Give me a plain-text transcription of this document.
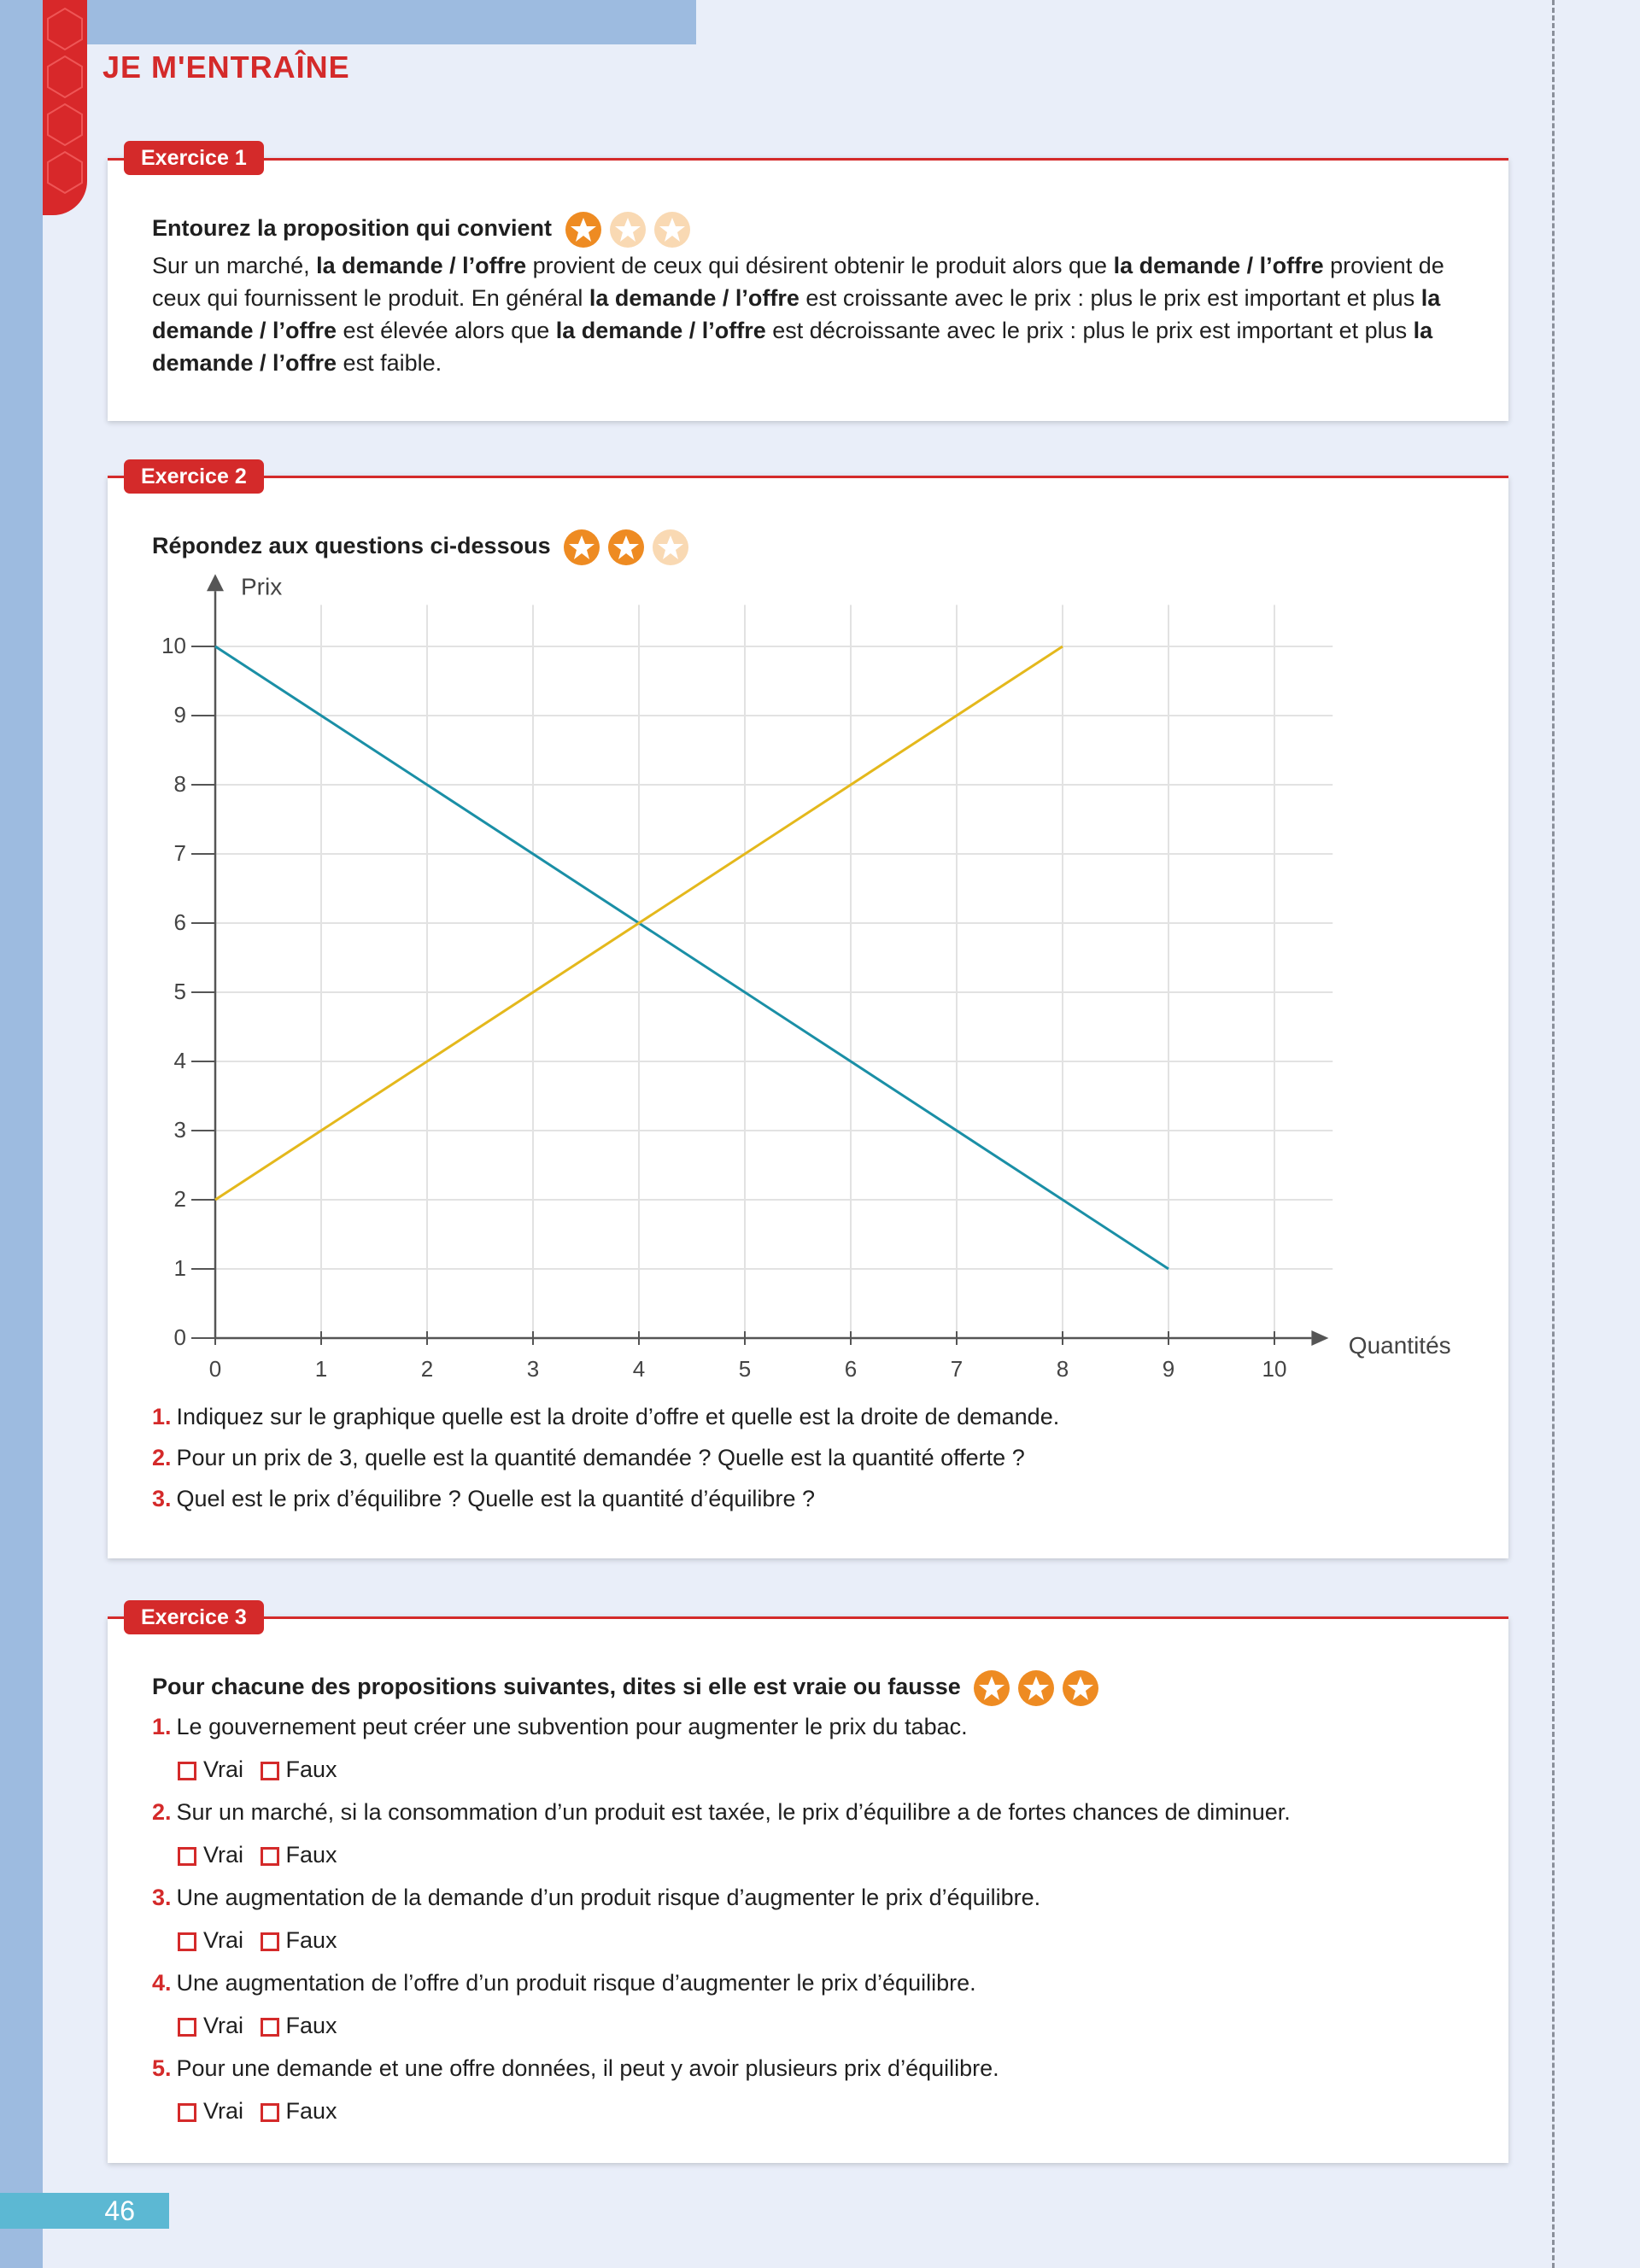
JE M'ENTRAÎNE
Entourez la proposition qui convient
Sur un marché, la demande / l’offre provient de ceux qui désirent obtenir le produit alors que la demande / l’offre provient de ceux qui fournissent le produit. En général la demande / l’offre est croissante avec le prix : plus le prix est important et plus la demande / l’offre est élevée alors que la demande / l’offre est décroissante avec le prix : plus le prix est important et plus la demande / l’offre est faible.
Exercice 1
Répondez aux questions ci-dessous
0	1	2	3	4	5	6	7	8	9	10
0
1
2
3
4
5
6
7
8
9
10
Prix
Quantités
1. Indiquez sur le graphique quelle est la droite d’offre et quelle est la droite de demande.
2. Pour un prix de 3, quelle est la quantité demandée ? Quelle est la quantité offerte ?
3. Quel est le prix d’équilibre ? Quelle est la quantité d’équilibre ?
Exercice 2
Pour chacune des propositions suivantes, dites si elle est vraie ou fausse
1. Le gouvernement peut créer une subvention pour augmenter le prix du tabac.
Vrai Faux
2. Sur un marché, si la consommation d’un produit est taxée, le prix d’équilibre a de fortes chances de diminuer.
Vrai Faux
3. Une augmentation de la demande d’un produit risque d’augmenter le prix d’équilibre.
Vrai Faux
4. Une augmentation de l’offre d’un produit risque d’augmenter le prix d’équilibre.
Vrai Faux
5. Pour une demande et une offre données, il peut y avoir plusieurs prix d’équilibre.
Vrai Faux
Exercice 3
46
